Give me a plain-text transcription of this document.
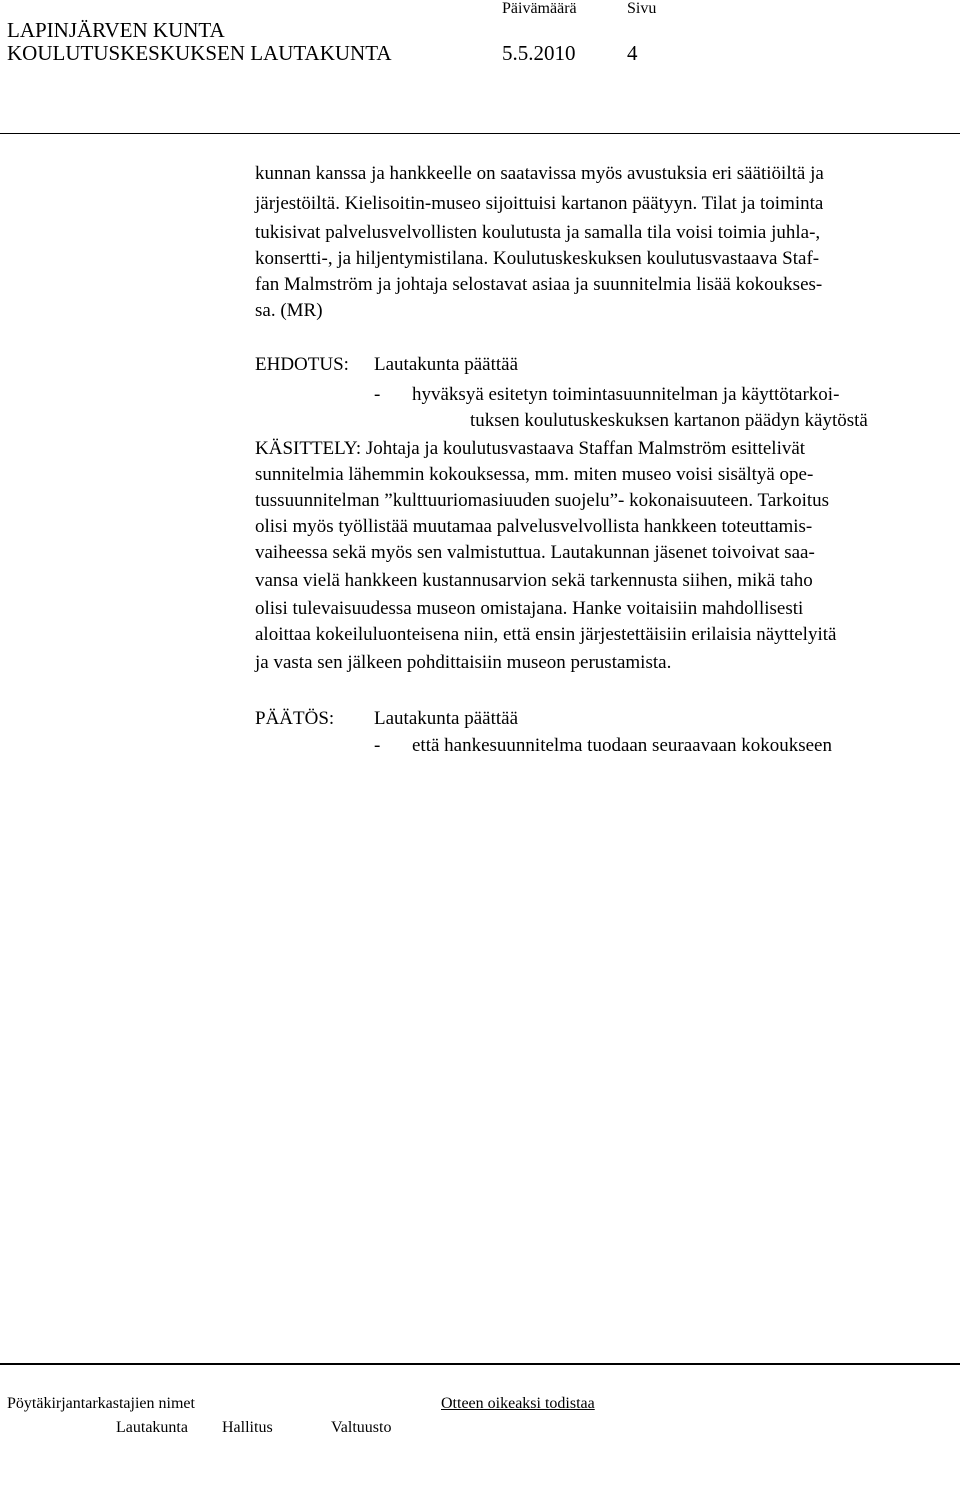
LAPINJÄRVEN KUNTA
KOULUTUSKESKUKSEN LAUTAKUNTA
Päivämäärä	Sivu
5.5.2010 4
kunnan kanssa ja hankkeelle on saatavissa myös avustuksia eri säätiöiltä ja
järjestöiltä. Kielisoitin-museo sijoittuisi kartanon päätyyn. Tilat ja toiminta
tukisivat palvelusvelvollisten koulutusta ja samalla tila voisi toimia juhla-,
konsertti-, ja hiljentymistilana. Koulutuskeskuksen koulutusvastaava Staf-
fan Malmström ja johtaja selostavat asiaa ja suunnitelmia lisää kokoukses-
sa. (MR)
EHDOTUS: Lautakunta päättää
- hyväksyä esitetyn toimintasuunnitelman ja käyttötarkoi-
tuksen koulutuskeskuksen kartanon päädyn käytöstä
KÄSITTELY: Johtaja ja koulutusvastaava Staffan Malmström esittelivät
sunnitelmia lähemmin kokouksessa, mm. miten museo voisi sisältyä ope-
tussuunnitelman ”kulttuuriomasiuuden suojelu”- kokonaisuuteen. Tarkoitus
olisi myös työllistää muutamaa palvelusvelvollista hankkeen toteuttamis-
vaiheessa sekä myös sen valmistuttua. Lautakunnan jäsenet toivoivat saa-
vansa vielä hankkeen kustannusarvion sekä tarkennusta siihen, mikä taho
olisi tulevaisuudessa museon omistajana. Hanke voitaisiin mahdollisesti
aloittaa kokeiluluonteisena niin, että ensin järjestettäisiin erilaisia näyttelyitä
ja vasta sen jälkeen pohdittaisiin museon perustamista.
PÄÄTÖS: Lautakunta päättää
- että hankesuunnitelma tuodaan seuraavaan kokoukseen
Pöytäkirjantarkastajien nimet	Otteen oikeaksi todistaa
Lautakunta Hallitus	Valtuusto
